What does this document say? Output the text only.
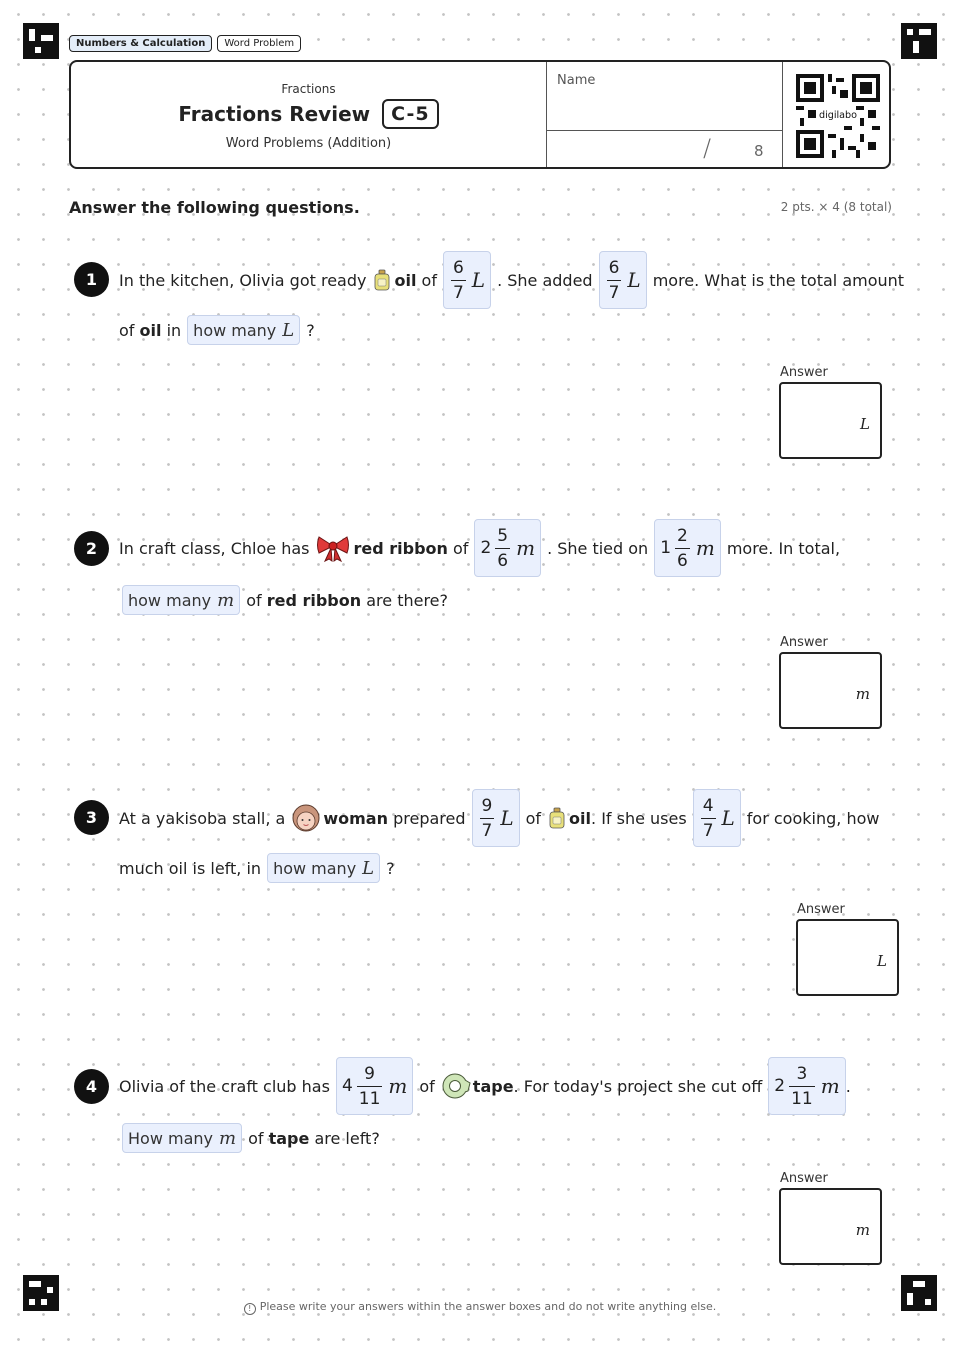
Numbers & Calculation	Word Problem
Fractions
Fractions Review	C-5
Word Problems (Addition)
Name
/	8
digilabo
Answer the following questions.	2 pts. × 4 (8 total)
1	In the kitchen, Olivia got ready oil
of $\frac{6}{7}$ L . She added $\frac{6}{7}$ L more. What is the total amount
of
oil
in how many L ?
Answer
L
2	In craft class, Chloe has	red ribbon
of $2 \frac{5}{6}$ m . She tied on $1 \frac{2}{6}$ m more. In total,
how many m of
red ribbon
are there?
Answer
m
3	At a yakisoba stall, a woman
prepared $\frac{9}{7}$ L of oil . If she uses $\frac{4}{7}$ L for cooking, how
much oil is left, in how many L ?
Answer
L
4	Olivia of the craft club has $4 \frac{9}{11}$ m of tape . For today's project she cut off $2 \frac{3}{11}$ m .
How many m of
tape
are left?
Answer
m
! Please write your answers within the answer boxes and do not write anything else.
